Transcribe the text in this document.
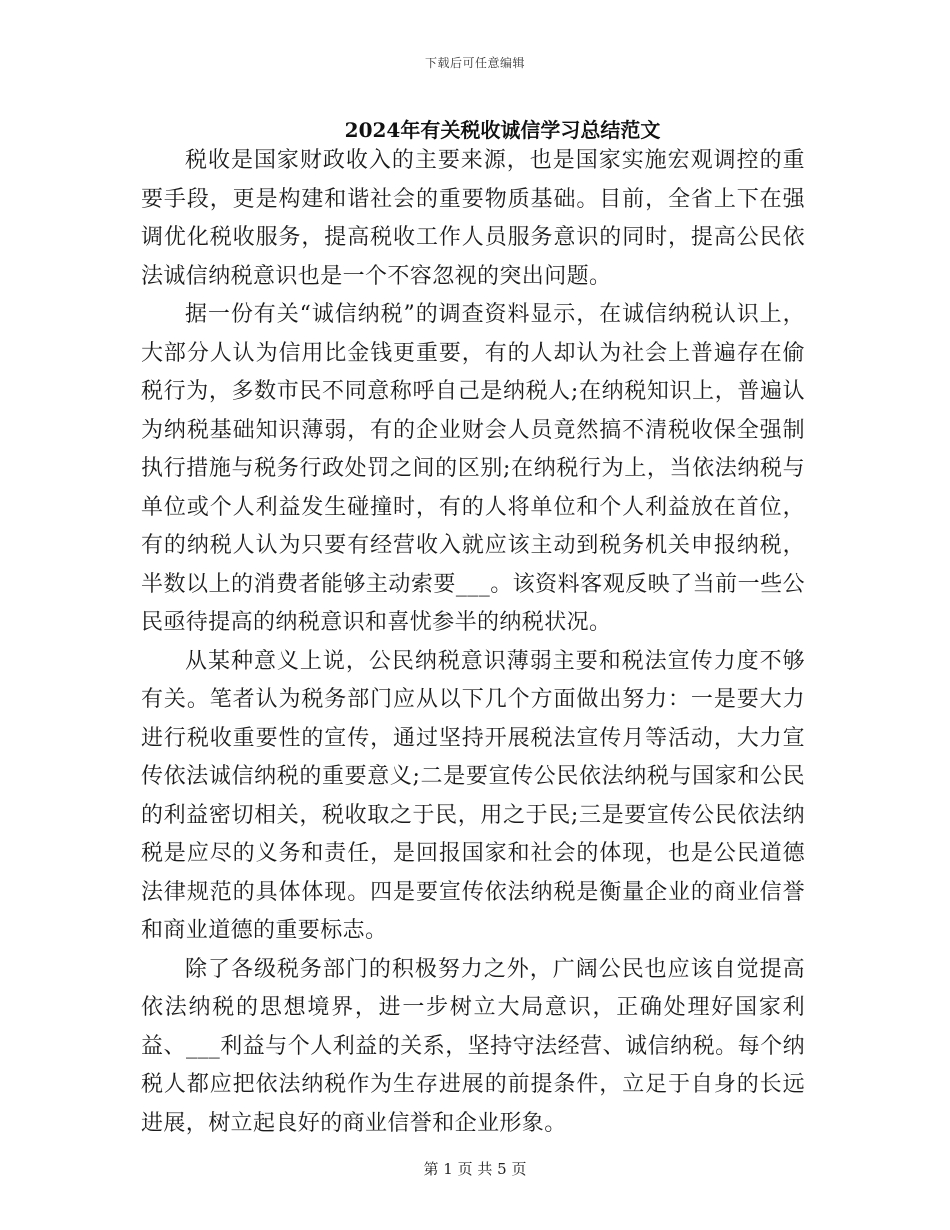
下载后可任意编辑
2024年有关税收诚信学习总结范文

税收是国家财政收入的主要来源，也是国家实施宏观调控的重要手段，更是构建和谐社会的重要物质基础。目前，全省上下在强调优化税收服务，提高税收工作人员服务意识的同时，提高公民依法诚信纳税意识也是一个不容忽视的突出问题。

据一份有关“诚信纳税”的调查资料显示，在诚信纳税认识上，大部分人认为信用比金钱更重要，有的人却认为社会上普遍存在偷税行为，多数市民不同意称呼自己是纳税人;在纳税知识上，普遍认为纳税基础知识薄弱，有的企业财会人员竟然搞不清税收保全强制执行措施与税务行政处罚之间的区别;在纳税行为上，当依法纳税与单位或个人利益发生碰撞时，有的人将单位和个人利益放在首位，有的纳税人认为只要有经营收入就应该主动到税务机关申报纳税，半数以上的消费者能够主动索要___。该资料客观反映了当前一些公民亟待提高的纳税意识和喜忧参半的纳税状况。

从某种意义上说，公民纳税意识薄弱主要和税法宣传力度不够有关。笔者认为税务部门应从以下几个方面做出努力：一是要大力进行税收重要性的宣传，通过坚持开展税法宣传月等活动，大力宣传依法诚信纳税的重要意义;二是要宣传公民依法纳税与国家和公民的利益密切相关，税收取之于民，用之于民;三是要宣传公民依法纳税是应尽的义务和责任，是回报国家和社会的体现，也是公民道德法律规范的具体体现。四是要宣传依法纳税是衡量企业的商业信誉和商业道德的重要标志。

除了各级税务部门的积极努力之外，广阔公民也应该自觉提高依法纳税的思想境界，进一步树立大局意识，正确处理好国家利益、___利益与个人利益的关系，坚持守法经营、诚信纳税。每个纳税人都应把依法纳税作为生存进展的前提条件，立足于自身的长远进展，树立起良好的商业信誉和企业形象。

第 1 页 共 5 页
